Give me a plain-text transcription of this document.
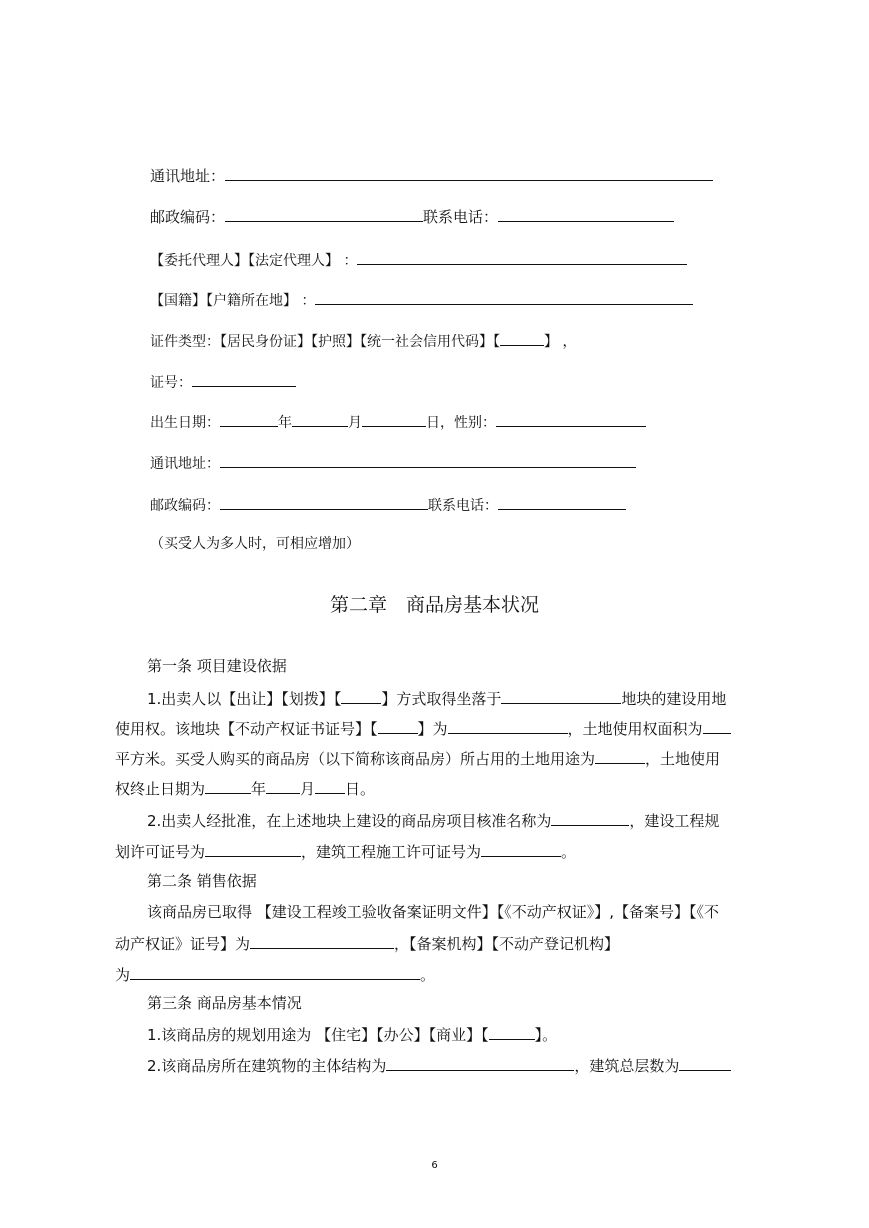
通讯地址：
邮政编码：	联系电话：
【委托代理人】【法定代理人】 ：
【国籍】【户籍所在地】 ：
证件类型：【居民身份证】【护照】【统一社会信用代码】【	】 ，
证号：
出生日期：	年	月	日，性别：
通讯地址：
邮政编码：	联系电话：
（买受人为多人时，可相应增加）
第二章　商品房基本状况
第一条 项目建设依据
1.出卖人以【出让】【划拨】【	】方式取得坐落于	地块的建设用地
使用权。该地块【不动产权证书证号】【	】为	，土地使用权面积为
平方米。买受人购买的商品房（以下简称该商品房）所占用的土地用途为	，土地使用
权终止日期为	年 月 日。
2.出卖人经批准，在上述地块上建设的商品房项目核准名称为	，建设工程规
划许可证号为	，建筑工程施工许可证号为	。
第二条 销售依据
该商品房已取得 【建设工程竣工验收备案证明文件】【《不动产权证》】,【备案号】【《不
动产权证》证号】为	，【备案机构】【不动产登记机构】
为	。
第三条 商品房基本情况
1.该商品房的规划用途为 【住宅】【办公】【商业】【	】。
2.该商品房所在建筑物的主体结构为	，建筑总层数为
6
